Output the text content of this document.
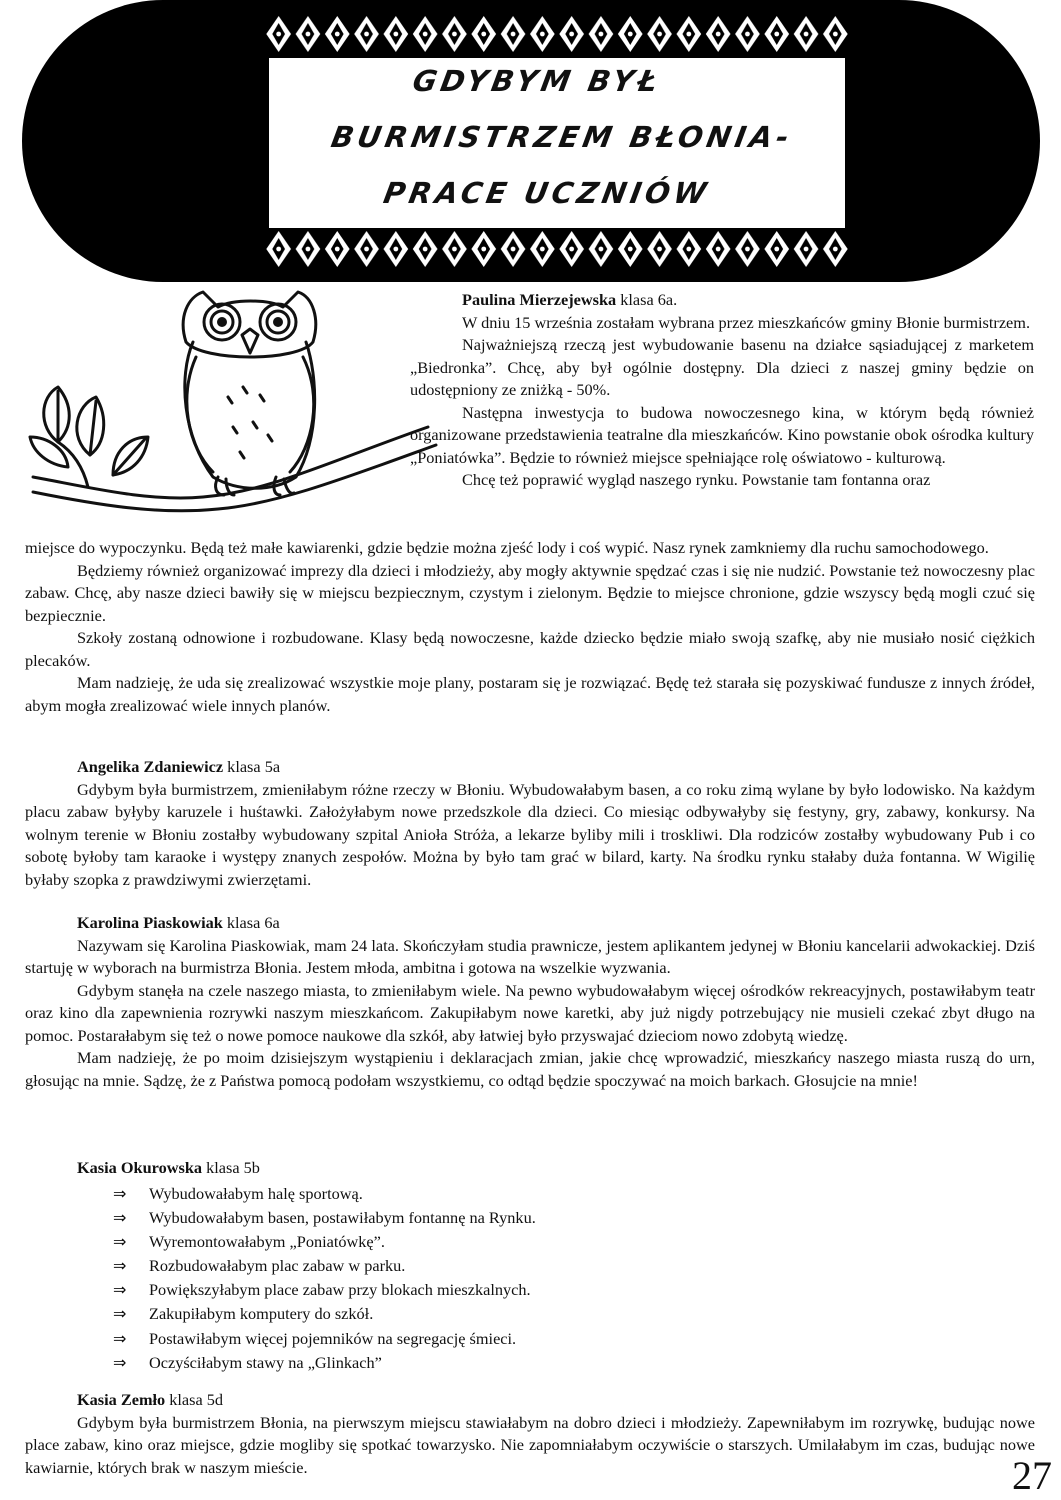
GDYBYM BYŁ
BURMISTRZEM BŁONIA-
PRACE UCZNIÓW

Paulina Mierzejewska klasa 6a.

W dniu 15 września zostałam wybrana przez mieszkańców gminy Błonie burmistrzem.

Najważniejszą rzeczą jest wybudowanie basenu na działce sąsiadującej z marketem „Biedronka”. Chcę, aby był ogólnie dostępny. Dla dzieci z naszej gminy będzie on udostępniony ze zniżką - 50%.

Następna inwestycja to budowa nowoczesnego kina, w którym będą również organizowane przedstawienia teatralne dla mieszkańców. Kino powstanie obok ośrodka kultury „Poniatówka”. Będzie to również miejsce spełniające rolę oświatowo - kulturową.

Chcę też poprawić wygląd naszego rynku. Powstanie tam fontanna oraz

miejsce do wypoczynku. Będą też małe kawiarenki, gdzie będzie można zjeść lody i coś wypić. Nasz rynek zamkniemy dla ruchu samochodowego.

Będziemy również organizować imprezy dla dzieci i młodzieży, aby mogły aktywnie spędzać czas i się nie nudzić. Powstanie też nowoczesny plac zabaw. Chcę, aby nasze dzieci bawiły się w miejscu bezpiecznym, czystym i zielonym. Będzie to miejsce chronione, gdzie wszyscy będą mogli czuć się bezpiecznie.

Szkoły zostaną odnowione i rozbudowane. Klasy będą nowoczesne, każde dziecko będzie miało swoją szafkę, aby nie musiało nosić ciężkich plecaków.

Mam nadzieję, że uda się zrealizować wszystkie moje plany, postaram się je rozwiązać. Będę też starała się pozyskiwać fundusze z innych źródeł, abym mogła zrealizować wiele innych planów.

Angelika Zdaniewicz klasa 5a

Gdybym była burmistrzem, zmieniłabym różne rzeczy w Błoniu. Wybudowałabym basen, a co roku zimą wylane by było lodowisko. Na każdym placu zabaw byłyby karuzele i huśtawki. Założyłabym nowe przedszkole dla dzieci. Co miesiąc odbywałyby się festyny, gry, zabawy, konkursy. Na wolnym terenie w Błoniu zostałby wybudowany szpital Anioła Stróża, a lekarze byliby mili i troskliwi. Dla rodziców zostałby wybudowany Pub i co sobotę byłoby tam karaoke i występy znanych zespołów. Można by było tam grać w bilard, karty. Na środku rynku stałaby duża fontanna. W Wigilię byłaby szopka z prawdziwymi zwierzętami.

Karolina Piaskowiak klasa 6a

Nazywam się Karolina Piaskowiak, mam 24 lata. Skończyłam studia prawnicze, jestem aplikantem jedynej w Błoniu kancelarii adwokackiej. Dziś startuję w wyborach na burmistrza Błonia. Jestem młoda, ambitna i gotowa na wszelkie wyzwania.

Gdybym stanęła na czele naszego miasta, to zmieniłabym wiele. Na pewno wybudowałabym więcej ośrodków rekreacyjnych, postawiłabym teatr oraz kino dla zapewnienia rozrywki naszym mieszkańcom. Zakupiłabym nowe karetki, aby już nigdy potrzebujący nie musieli czekać zbyt długo na pomoc. Postarałabym się też o nowe pomoce naukowe dla szkół, aby łatwiej było przyswajać dzieciom nowo zdobytą wiedzę.

Mam nadzieję, że po moim dzisiejszym wystąpieniu i deklaracjach zmian, jakie chcę wprowadzić, mieszkańcy naszego miasta ruszą do urn, głosując na mnie. Sądzę, że z Państwa pomocą podołam wszystkiemu, co odtąd będzie spoczywać na moich barkach. Głosujcie na mnie!

Kasia Okurowska klasa 5b

⇒ Wybudowałabym halę sportową.
⇒ Wybudowałabym basen, postawiłabym fontannę na Rynku.
⇒ Wyremontowałabym „Poniatówkę”.
⇒ Rozbudowałabym plac zabaw w parku.
⇒ Powiększyłabym place zabaw przy blokach mieszkalnych.
⇒ Zakupiłabym komputery do szkół.
⇒ Postawiłabym więcej pojemników na segregację śmieci.
⇒ Oczyściłabym stawy na „Glinkach”

Kasia Zemło klasa 5d

Gdybym była burmistrzem Błonia, na pierwszym miejscu stawiałabym na dobro dzieci i młodzieży. Zapewniłabym im rozrywkę, budując nowe place zabaw, kino oraz miejsce, gdzie mogliby się spotkać towarzysko. Nie zapomniałabym oczywiście o starszych. Umilałabym im czas, budując nowe kawiarnie, których brak w naszym mieście.	27
